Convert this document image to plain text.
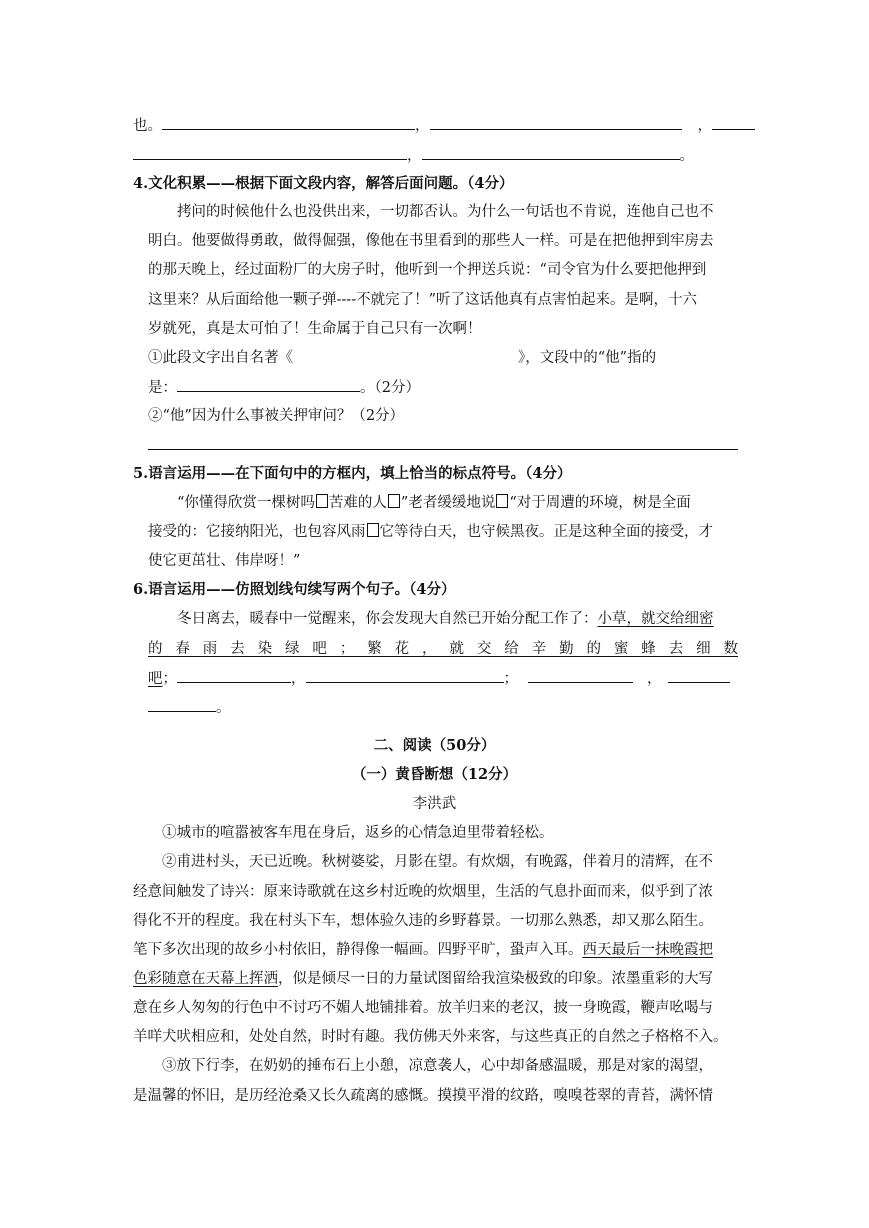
也。	，	，
，	。
4.文化积累——根据下面文段内容，解答后面问题。（4分）
拷问的时候他什么也没供出来，一切都否认。为什么一句话也不肯说，连他自己也不
明白。他要做得勇敢，做得倔强，像他在书里看到的那些人一样。可是在把他押到牢房去
的那天晚上，经过面粉厂的大房子时，他听到一个押送兵说：“司令官为什么要把他押到
这里来？从后面给他一颗子弹----不就完了！”听了这话他真有点害怕起来。是啊，十六
岁就死，真是太可怕了！生命属于自己只有一次啊！
①此段文字出自名著《	》，文段中的“他”指的
是：	。（2分）
②“他”因为什么事被关押审问？（2分）
5.语言运用——在下面句中的方框内，填上恰当的标点符号。（4分）
“你懂得欣赏一棵树吗 苦难的人 ”老者缓缓地说 “对于周遭的环境，树是全面
接受的：它接纳阳光，也包容风雨 它等待白天，也守候黑夜。正是这种全面的接受，才
使它更茁壮、伟岸呀！”
6.语言运用——仿照划线句续写两个句子。（4分）
冬日离去，暖春中一觉醒来，你会发现大自然已开始分配工作了：小草，就交给细密
的春雨去染绿吧；繁花，就交给辛勤的蜜蜂去细数
吧；	，	；	，
。
二、阅读（50分）
（一）黄昏断想（12分）
李洪武
①城市的喧嚣被客车甩在身后，返乡的心情急迫里带着轻松。
②甫进村头，天已近晚。秋树婆娑，月影在望。有炊烟，有晚露，伴着月的清辉，在不
经意间触发了诗兴：原来诗歌就在这乡村近晚的炊烟里，生活的气息扑面而来，似乎到了浓
得化不开的程度。我在村头下车，想体验久违的乡野暮景。一切那么熟悉，却又那么陌生。
笔下多次出现的故乡小村依旧，静得像一幅画。四野平旷，蛩声入耳。西天最后一抹晚霞把
色彩随意在天幕上挥洒，似是倾尽一日的力量试图留给我渲染极致的印象。浓墨重彩的大写
意在乡人匆匆的行色中不讨巧不媚人地铺排着。放羊归来的老汉，披一身晚霞，鞭声吆喝与
羊咩犬吠相应和，处处自然，时时有趣。我仿佛天外来客，与这些真正的自然之子格格不入。
③放下行李，在奶奶的捶布石上小憩，凉意袭人，心中却备感温暖，那是对家的渴望，
是温馨的怀旧，是历经沧桑又长久疏离的感慨。摸摸平滑的纹路，嗅嗅苍翠的青苔，满怀情
